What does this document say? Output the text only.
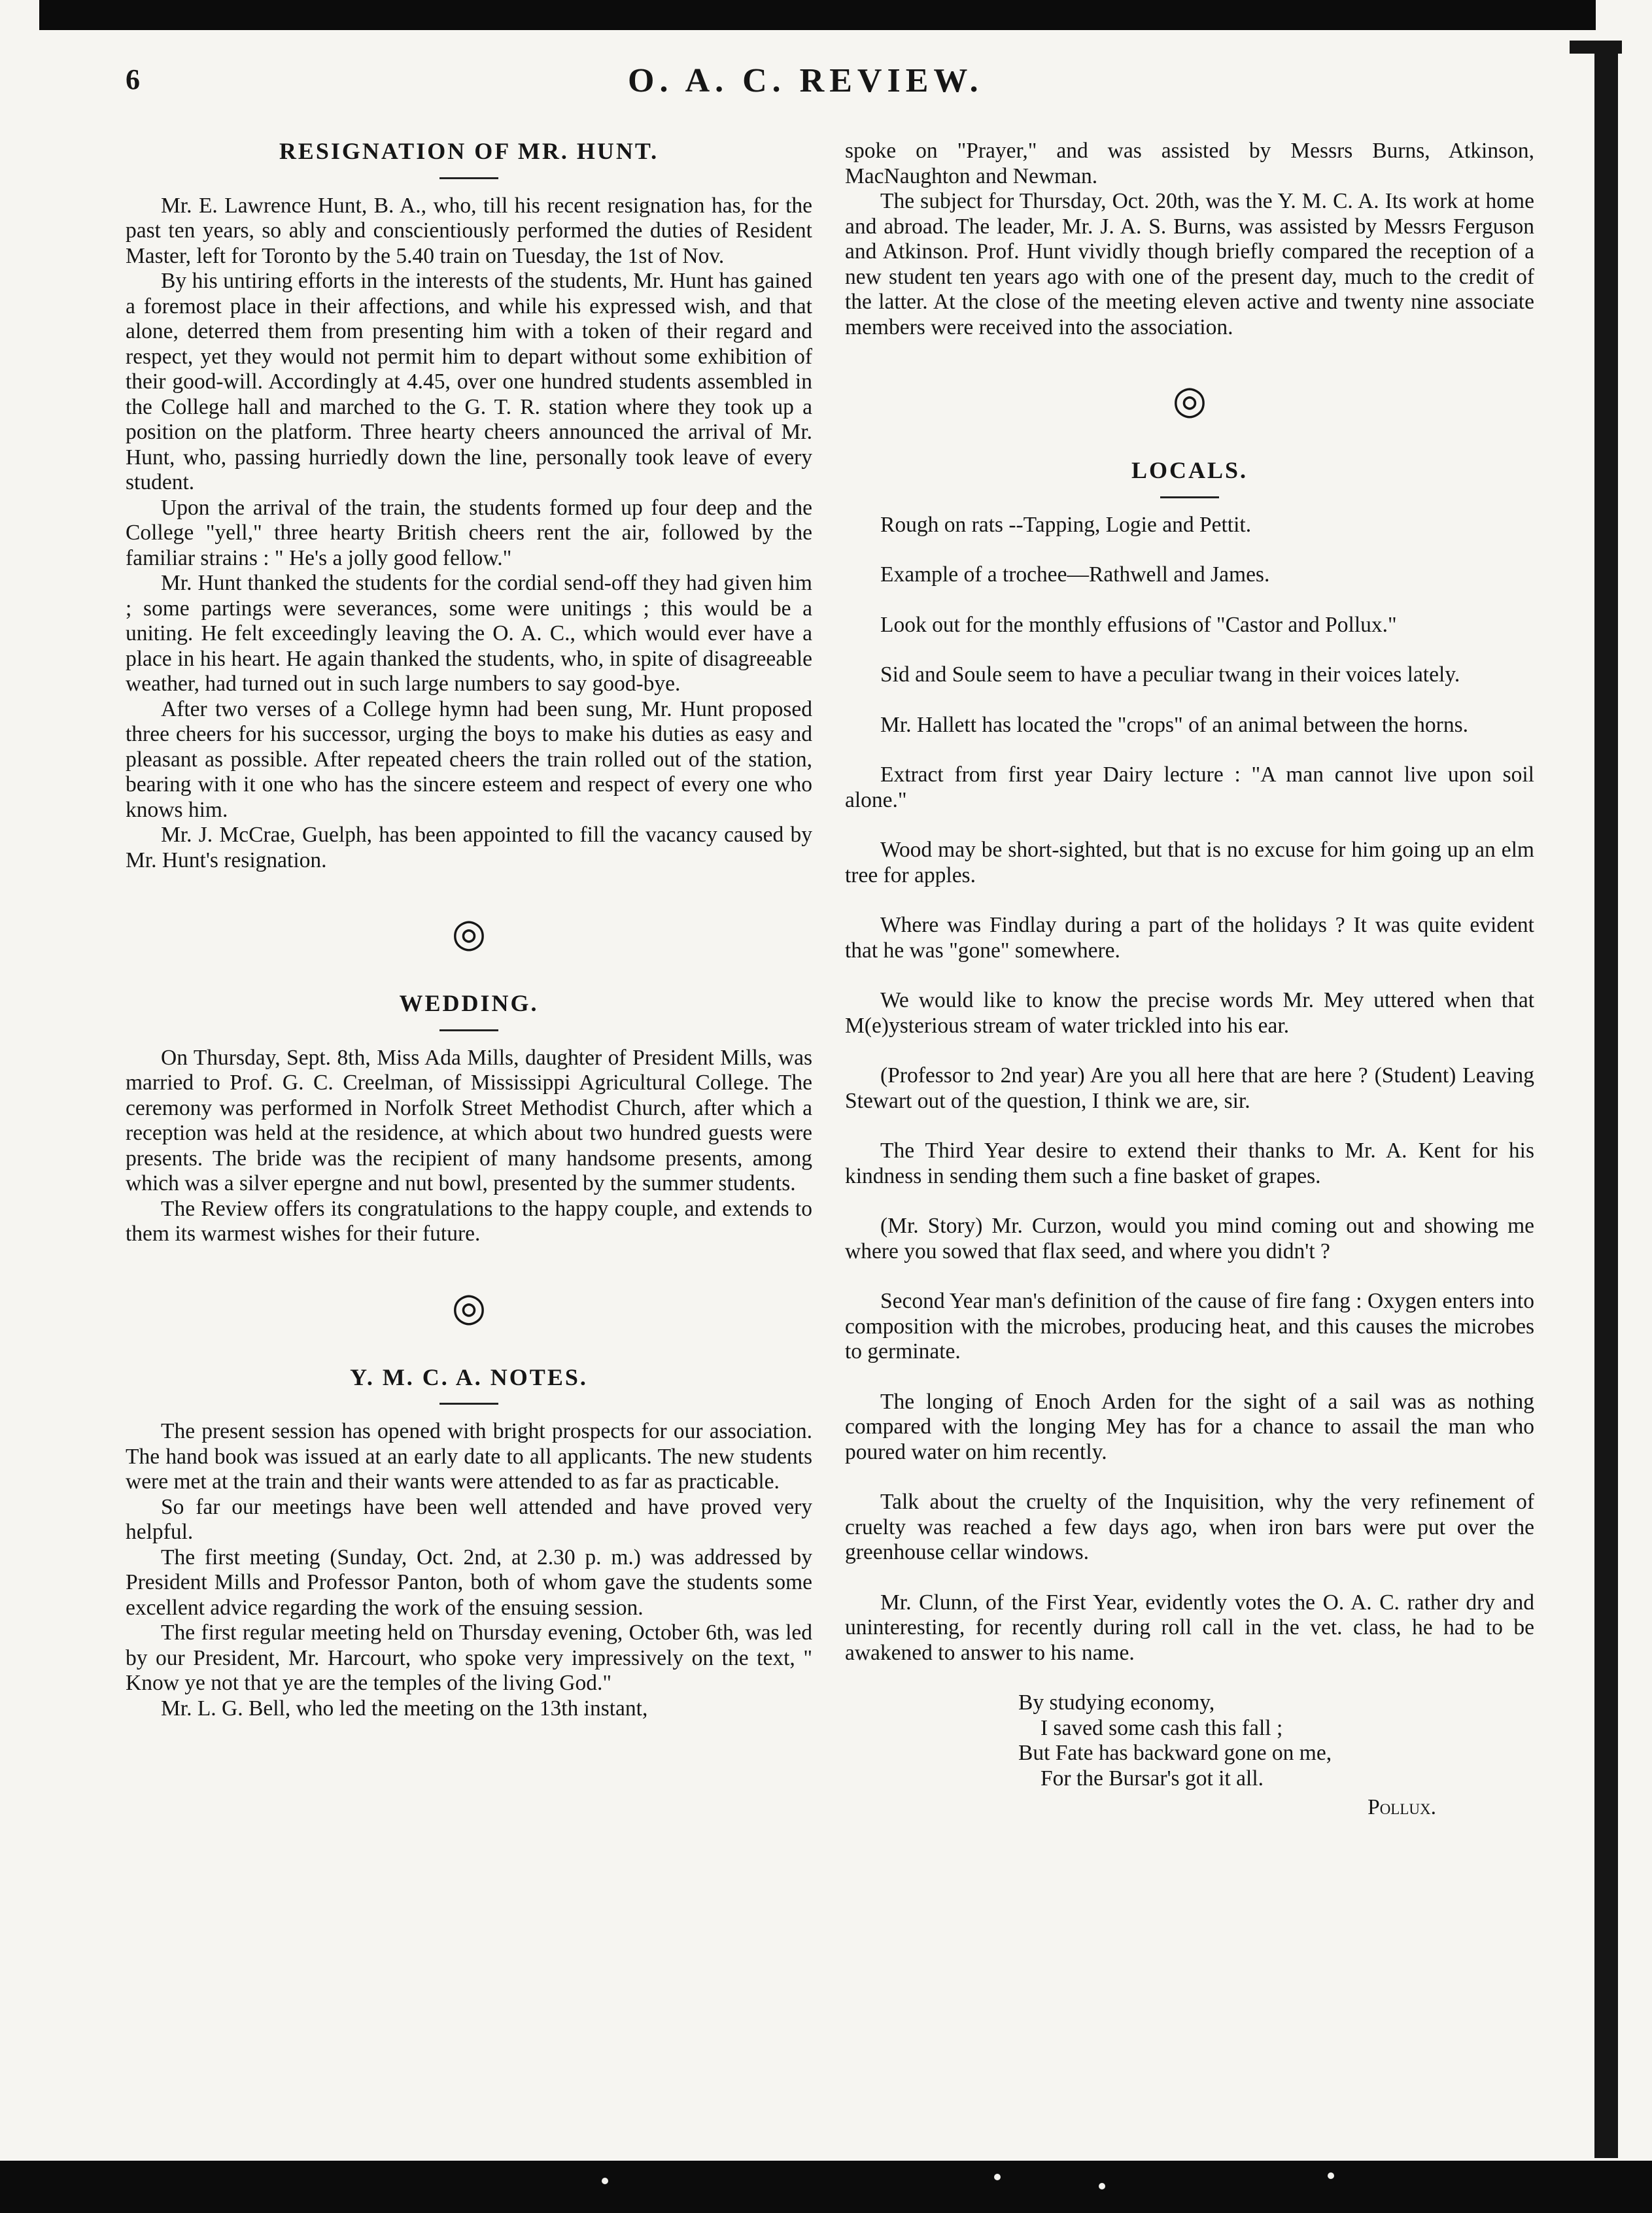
6	O. A. C. REVIEW.
RESIGNATION OF MR. HUNT.

Mr. E. Lawrence Hunt, B. A., who, till his recent resignation has, for the past ten years, so ably and conscientiously performed the duties of Resident Master, left for Toronto by the 5.40 train on Tuesday, the 1st of Nov.

By his untiring efforts in the interests of the students, Mr. Hunt has gained a foremost place in their affections, and while his expressed wish, and that alone, deterred them from presenting him with a token of their regard and respect, yet they would not permit him to depart without some exhibition of their good-will. Accordingly at 4.45, over one hundred students assembled in the College hall and marched to the G. T. R. station where they took up a position on the platform. Three hearty cheers announced the arrival of Mr. Hunt, who, passing hurriedly down the line, personally took leave of every student.

Upon the arrival of the train, the students formed up four deep and the College "yell," three hearty British cheers rent the air, followed by the familiar strains : " He's a jolly good fellow."

Mr. Hunt thanked the students for the cordial send-off they had given him ; some partings were severances, some were unitings ; this would be a uniting. He felt exceedingly leaving the O. A. C., which would ever have a place in his heart. He again thanked the students, who, in spite of disagreeable weather, had turned out in such large numbers to say good-bye.

After two verses of a College hymn had been sung, Mr. Hunt proposed three cheers for his successor, urging the boys to make his duties as easy and pleasant as possible. After repeated cheers the train rolled out of the station, bearing with it one who has the sincere esteem and respect of every one who knows him.

Mr. J. McCrae, Guelph, has been appointed to fill the vacancy caused by Mr. Hunt's resignation.

◎
WEDDING.

On Thursday, Sept. 8th, Miss Ada Mills, daughter of President Mills, was married to Prof. G. C. Creelman, of Mississippi Agricultural College. The ceremony was performed in Norfolk Street Methodist Church, after which a reception was held at the residence, at which about two hundred guests were presents. The bride was the recipient of many handsome presents, among which was a silver epergne and nut bowl, presented by the summer students.

The Review offers its congratulations to the happy couple, and extends to them its warmest wishes for their future.

◎
Y. M. C. A. NOTES.

The present session has opened with bright prospects for our association. The hand book was issued at an early date to all applicants. The new students were met at the train and their wants were attended to as far as practicable.

So far our meetings have been well attended and have proved very helpful.

The first meeting (Sunday, Oct. 2nd, at 2.30 p. m.) was addressed by President Mills and Professor Panton, both of whom gave the students some excellent advice regarding the work of the ensuing session.

The first regular meeting held on Thursday evening, October 6th, was led by our President, Mr. Harcourt, who spoke very impressively on the text, " Know ye not that ye are the temples of the living God."

Mr. L. G. Bell, who led the meeting on the 13th instant,

spoke on "Prayer," and was assisted by Messrs Burns, Atkinson, MacNaughton and Newman.

The subject for Thursday, Oct. 20th, was the Y. M. C. A. Its work at home and abroad. The leader, Mr. J. A. S. Burns, was assisted by Messrs Ferguson and Atkinson. Prof. Hunt vividly though briefly compared the reception of a new student ten years ago with one of the present day, much to the credit of the latter. At the close of the meeting eleven active and twenty nine associate members were received into the association.

◎
LOCALS.

Rough on rats --Tapping, Logie and Pettit.

Example of a trochee—Rathwell and James.

Look out for the monthly effusions of "Castor and Pollux."

Sid and Soule seem to have a peculiar twang in their voices lately.

Mr. Hallett has located the "crops" of an animal between the horns.

Extract from first year Dairy lecture : "A man cannot live upon soil alone."

Wood may be short-sighted, but that is no excuse for him going up an elm tree for apples.

Where was Findlay during a part of the holidays ? It was quite evident that he was "gone" somewhere.

We would like to know the precise words Mr. Mey uttered when that M(e)ysterious stream of water trickled into his ear.

(Professor to 2nd year) Are you all here that are here ? (Student) Leaving Stewart out of the question, I think we are, sir.

The Third Year desire to extend their thanks to Mr. A. Kent for his kindness in sending them such a fine basket of grapes.

(Mr. Story) Mr. Curzon, would you mind coming out and showing me where you sowed that flax seed, and where you didn't ?

Second Year man's definition of the cause of fire fang : Oxygen enters into composition with the microbes, producing heat, and this causes the microbes to germinate.

The longing of Enoch Arden for the sight of a sail was as nothing compared with the longing Mey has for a chance to assail the man who poured water on him recently.

Talk about the cruelty of the Inquisition, why the very refinement of cruelty was reached a few days ago, when iron bars were put over the greenhouse cellar windows.

Mr. Clunn, of the First Year, evidently votes the O. A. C. rather dry and uninteresting, for recently during roll call in the vet. class, he had to be awakened to answer to his name.

By studying economy,
I saved some cash this fall ;
But Fate has backward gone on me,
For the Bursar's got it all.
Pollux.
